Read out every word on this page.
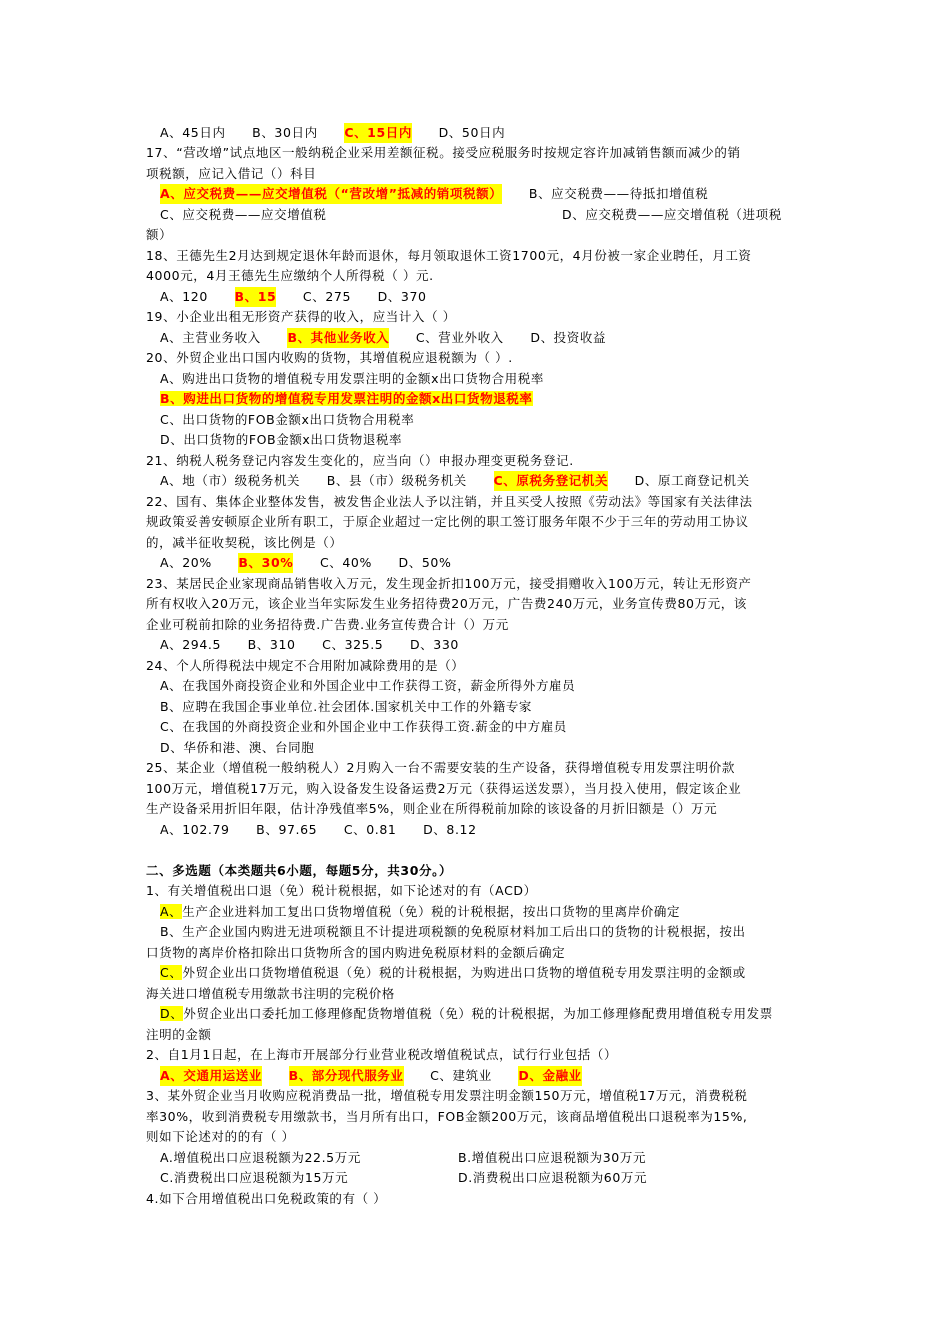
A、45日内 B、30日内 C、15日内 D、50日内
17、“营改增”试点地区一般纳税企业采用差额征税。接受应税服务时按规定容许加减销售额而减少的销
项税额，应记入借记（）科目
A、应交税费——应交增值税（“营改增”抵减的销项税额） B、应交税费——待抵扣增值税
C、应交税费——应交增值税	D、应交税费——应交增值税（进项税
额）
18、王德先生2月达到规定退休年龄而退休，每月领取退休工资1700元，4月份被一家企业聘任，月工资
4000元，4月王德先生应缴纳个人所得税（ ）元.
A、120 B、15 C、275 D、370
19、小企业出租无形资产获得的收入，应当计入（ ）
A、主营业务收入 B、其他业务收入 C、营业外收入 D、投资收益
20、外贸企业出口国内收购的货物，其增值税应退税额为（ ）.
A、购进出口货物的增值税专用发票注明的金额x出口货物合用税率
B、购进出口货物的增值税专用发票注明的金额x出口货物退税率
C、出口货物的FOB金额x出口货物合用税率
D、出口货物的FOB金额x出口货物退税率
21、纳税人税务登记内容发生变化的，应当向（）申报办理变更税务登记.
A、地（市）级税务机关 B、县（市）级税务机关 C、原税务登记机关 D、原工商登记机关
22、国有、集体企业整体发售，被发售企业法人予以注销，并且买受人按照《劳动法》等国家有关法律法
规政策妥善安顿原企业所有职工，于原企业超过一定比例的职工签订服务年限不少于三年的劳动用工协议
的，减半征收契税，该比例是（）
A、20% B、30% C、40% D、50%
23、某居民企业家现商品销售收入万元，发生现金折扣100万元，接受捐赠收入100万元，转让无形资产
所有权收入20万元，该企业当年实际发生业务招待费20万元，广告费240万元，业务宣传费80万元，该
企业可税前扣除的业务招待费.广告费.业务宣传费合计（）万元
A、294.5 B、310 C、325.5 D、330
24、个人所得税法中规定不合用附加减除费用的是（）
A、在我国外商投资企业和外国企业中工作获得工资，薪金所得外方雇员
B、应聘在我国企事业单位.社会团体.国家机关中工作的外籍专家
C、在我国的外商投资企业和外国企业中工作获得工资.薪金的中方雇员
D、华侨和港、澳、台同胞
25、某企业（增值税一般纳税人）2月购入一台不需要安装的生产设备，获得增值税专用发票注明价款
100万元，增值税17万元，购入设备发生设备运费2万元（获得运送发票），当月投入使用，假定该企业
生产设备采用折旧年限，估计净残值率5%，则企业在所得税前加除的该设备的月折旧额是（）万元
A、102.79 B、97.65 C、0.81 D、8.12
二、多选题（本类题共6小题，每题5分，共30分。）
1、有关增值税出口退（免）税计税根据，如下论述对的有（ACD）
A、生产企业进料加工复出口货物增值税（免）税的计税根据，按出口货物的里离岸价确定
B、生产企业国内购进无进项税额且不计提进项税额的免税原材料加工后出口的货物的计税根据，按出
口货物的离岸价格扣除出口货物所含的国内购进免税原材料的金额后确定
C、外贸企业出口货物增值税退（免）税的计税根据，为购进出口货物的增值税专用发票注明的金额或
海关进口增值税专用缴款书注明的完税价格
D、外贸企业出口委托加工修理修配货物增值税（免）税的计税根据，为加工修理修配费用增值税专用发票
注明的金额
2、自1月1日起，在上海市开展部分行业营业税改增值税试点，试行行业包括（）
A、交通用运送业 B、部分现代服务业 C、建筑业 D、金融业
3、某外贸企业当月收购应税消费品一批，增值税专用发票注明金额150万元，增值税17万元，消费税税
率30%，收到消费税专用缴款书，当月所有出口，FOB金额200万元，该商品增值税出口退税率为15%,
则如下论述对的的有（ ）
A.增值税出口应退税额为22.5万元	B.增值税出口应退税额为30万元
C.消费税出口应退税额为15万元	D.消费税出口应退税额为60万元
4.如下合用增值税出口免税政策的有（ ）
